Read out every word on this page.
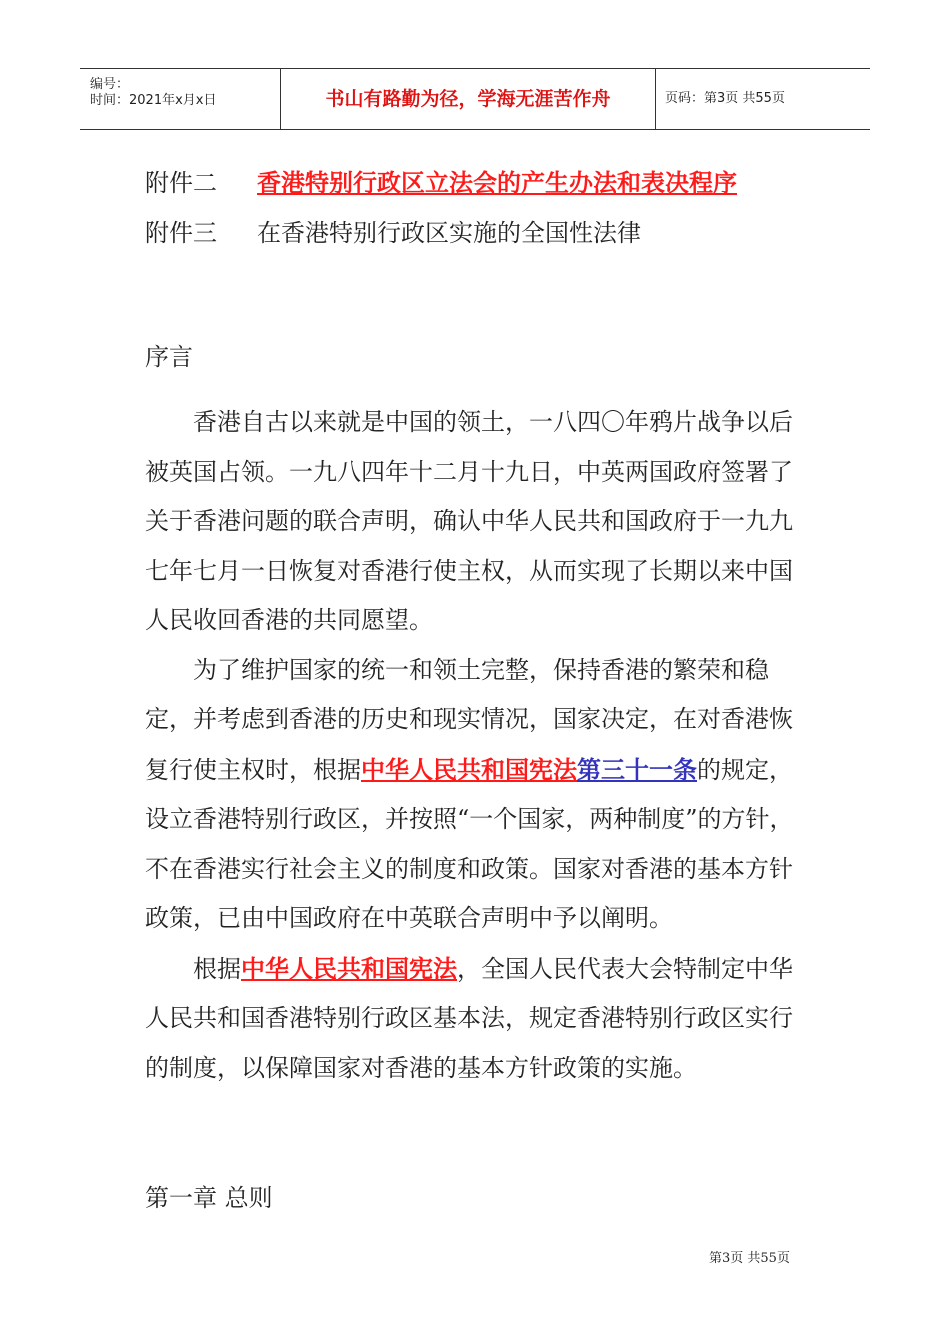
编号：
时间：2021年x月x日	书山有路勤为径，学海无涯苦作舟	页码：第3页 共55页
附件二 香港特别行政区立法会的产生办法和表决程序
附件三 在香港特别行政区实施的全国性法律
序言

香港自古以来就是中国的领土，一八四〇年鸦片战争以后被英国占领。一九八四年十二月十九日，中英两国政府签署了关于香港问题的联合声明，确认中华人民共和国政府于一九九七年七月一日恢复对香港行使主权，从而实现了长期以来中国人民收回香港的共同愿望。

为了维护国家的统一和领土完整，保持香港的繁荣和稳定，并考虑到香港的历史和现实情况，国家决定，在对香港恢复行使主权时，根据中华人民共和国宪法第三十一条的规定，设立香港特别行政区，并按照“一个国家，两种制度”的方针，不在香港实行社会主义的制度和政策。国家对香港的基本方针政策，已由中国政府在中英联合声明中予以阐明。

根据中华人民共和国宪法，全国人民代表大会特制定中华人民共和国香港特别行政区基本法，规定香港特别行政区实行的制度，以保障国家对香港的基本方针政策的实施。

第一章 总则
第3页 共55页
